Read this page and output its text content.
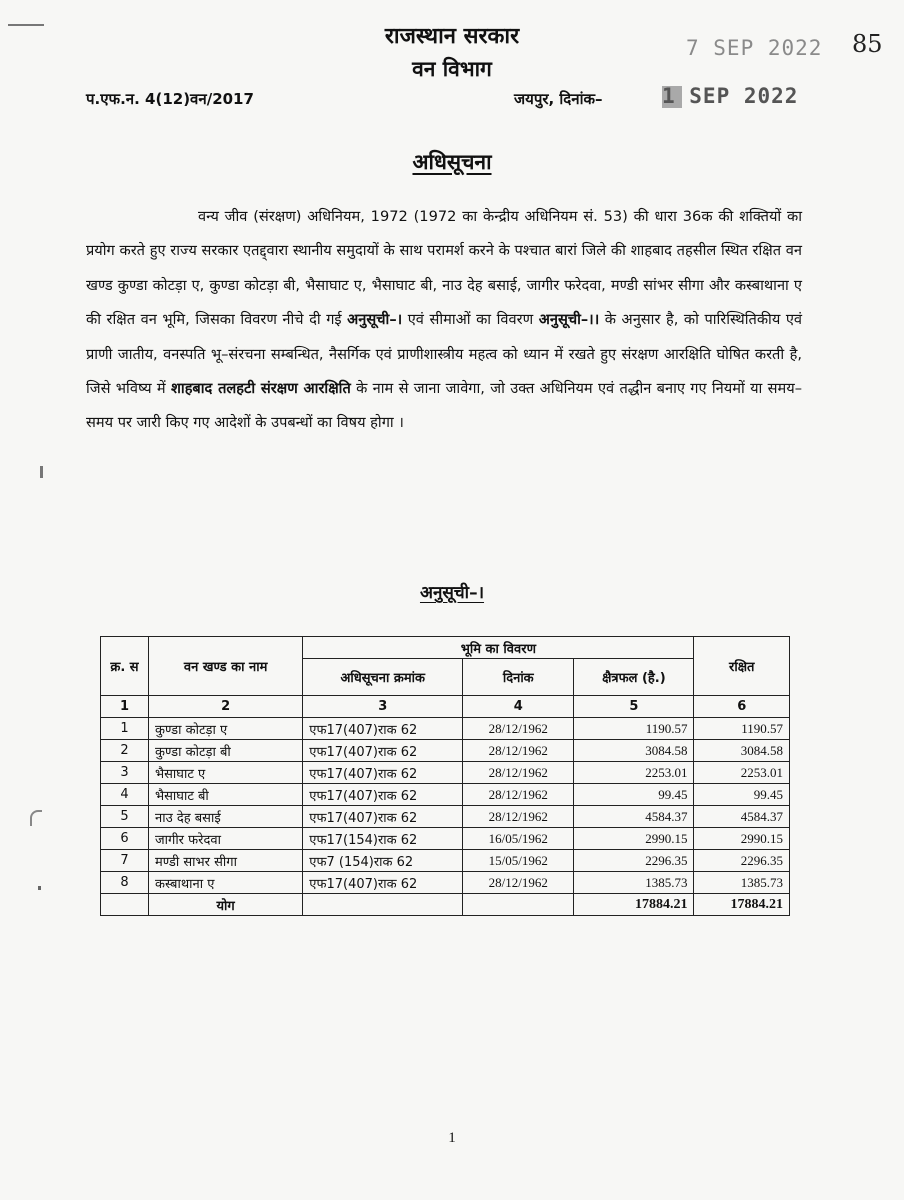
राजस्थान सरकार
वन विभाग
7 SEP 2022 85
प.एफ.न. 4(12)वन/2017	जयपुर, दिनांक–	1 SEP 2022
अधिसूचना
वन्य जीव (संरक्षण) अधिनियम, 1972 (1972 का केन्द्रीय अधिनियम सं. 53) की धारा 36क की शक्तियों का प्रयोग करते हुए राज्य सरकार एतद्द्वारा स्थानीय समुदायों के साथ परामर्श करने के पश्चात बारां जिले की शाहबाद तहसील स्थित रक्षित वन खण्ड कुण्डा कोटड़ा ए, कुण्डा कोटड़ा बी, भैसाघाट ए, भैसाघाट बी, नाउ देह बसाई, जागीर फरेदवा, मण्डी सांभर सीगा और कस्बाथाना ए की रक्षित वन भूमि, जिसका विवरण नीचे दी गई अनुसूची–। एवं सीमाओं का विवरण अनुसूची–।। के अनुसार है, को पारिस्थितिकीय एवं प्राणी जातीय, वनस्पति भू–संरचना सम्बन्धित, नैसर्गिक एवं प्राणीशास्त्रीय महत्व को ध्यान में रखते हुए संरक्षण आरक्षिति घोषित करती है, जिसे भविष्य में शाहबाद तलहटी संरक्षण आरक्षिति के नाम से जाना जावेगा, जो उक्त अधिनियम एवं तद्धीन बनाए गए नियमों या समय–समय पर जारी किए गए आदेशों के उपबन्धों का विषय होगा ।
अनुसूची–।
क्र. स	वन खण्ड का नाम	भूमि का विवरण			रक्षित
		अधिसूचना क्रमांक	दिनांक	क्षैत्रफल (है.)	
1	2	3	4	5	6
1	कुण्डा कोटड़ा ए	एफ17(407)राक 62	28/12/1962	1190.57	1190.57
2	कुण्डा कोटड़ा बी	एफ17(407)राक 62	28/12/1962	3084.58	3084.58
3	भैसाघाट ए	एफ17(407)राक 62	28/12/1962	2253.01	2253.01
4	भैसाघाट बी	एफ17(407)राक 62	28/12/1962	99.45	99.45
5	नाउ देह बसाई	एफ17(407)राक 62	28/12/1962	4584.37	4584.37
6	जागीर फरेदवा	एफ17(154)राक 62	16/05/1962	2990.15	2990.15
7	मण्डी साभर सीगा	एफ7 (154)राक 62	15/05/1962	2296.35	2296.35
8	कस्बाथाना ए	एफ17(407)राक 62	28/12/1962	1385.73	1385.73
	योग			17884.21	17884.21
1
